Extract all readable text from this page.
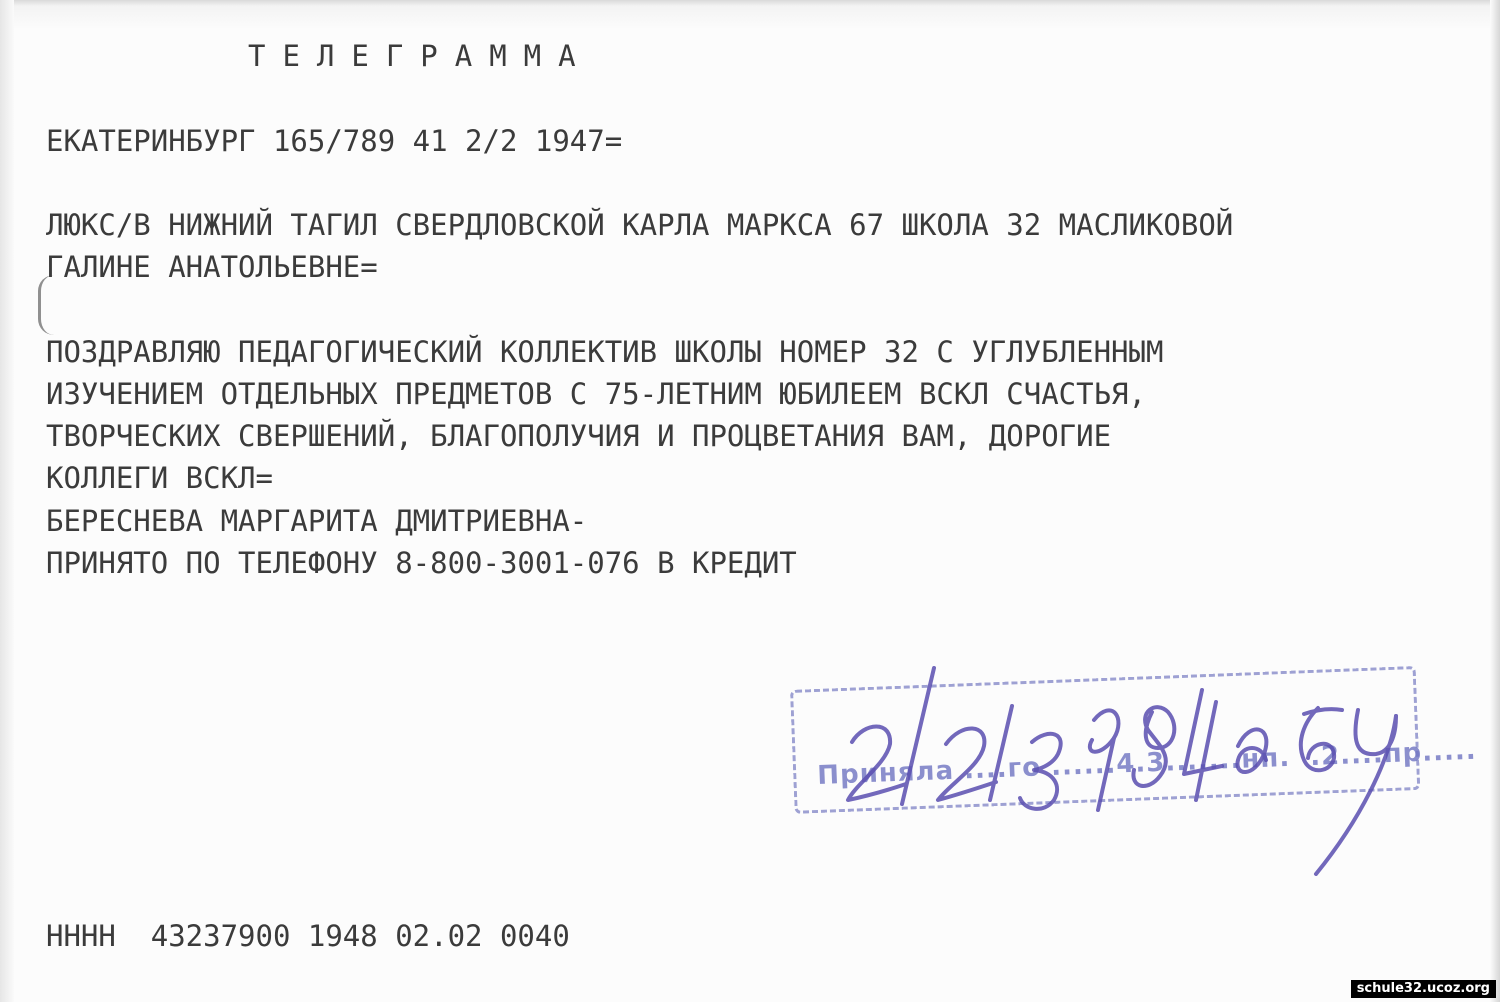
ТЕЛЕГРАММА

ЕКАТЕРИНБУРГ 165/789 41 2/2 1947=

ЛЮКС/В НИЖНИЙ ТАГИЛ СВЕРДЛОВСКОЙ КАРЛА МАРКСА 67 ШКОЛА 32 МАСЛИКОВОЙ

ГАЛИНЕ АНАТОЛЬЕВНЕ=

ПОЗДРАВЛЯЮ ПЕДАГОГИЧЕСКИЙ КОЛЛЕКТИВ ШКОЛЫ НОМЕР 32 С УГЛУБЛЕННЫМ

ИЗУЧЕНИЕМ ОТДЕЛЬНЫХ ПРЕДМЕТОВ С 75-ЛЕТНИМ ЮБИЛЕЕМ ВСКЛ СЧАСТЬЯ,

ТВОРЧЕСКИХ СВЕРШЕНИЙ, БЛАГОПОЛУЧИЯ И ПРОЦВЕТАНИЯ ВАМ, ДОРОГИЕ

КОЛЛЕГИ ВСКЛ=

БЕРЕСНЕВА МАРГАРИТА ДМИТРИЕВНА-

ПРИНЯТО ПО ТЕЛЕФОНУ 8-800-3001-076 В КРЕДИТ

Приняла ....го ......4.3.......нп.  .2....пр.....

НННН  43237900 1948 02.02 0040

schule32.ucoz.org
